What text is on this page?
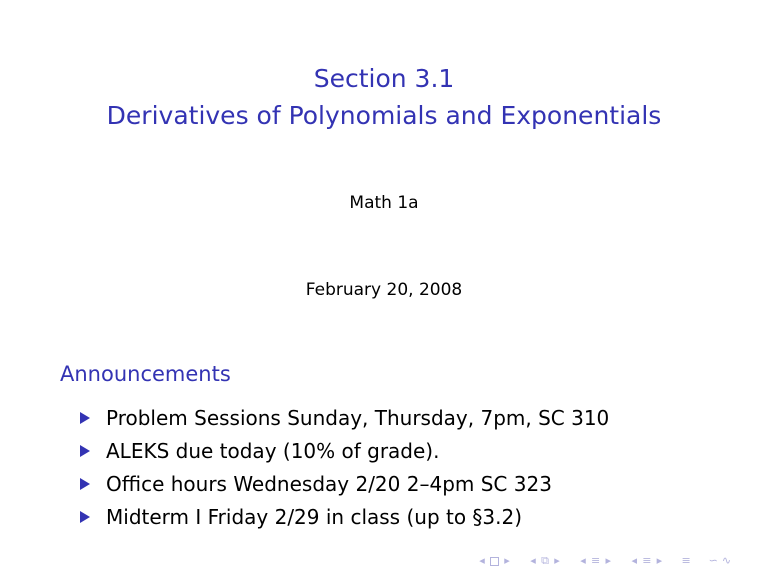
Section 3.1
Derivatives of Polynomials and Exponentials
Math 1a
February 20, 2008
Announcements
Problem Sessions Sunday, Thursday, 7pm, SC 310
ALEKS due today (10% of grade).
Office hours Wednesday 2/20 2–4pm SC 323
Midterm I Friday 2/29 in class (up to §3.2)
◂ ▸ ◂ ⧉ ▸ ◂ ≡ ▸ ◂ ≡ ▸ ≡ ∽ ∿
